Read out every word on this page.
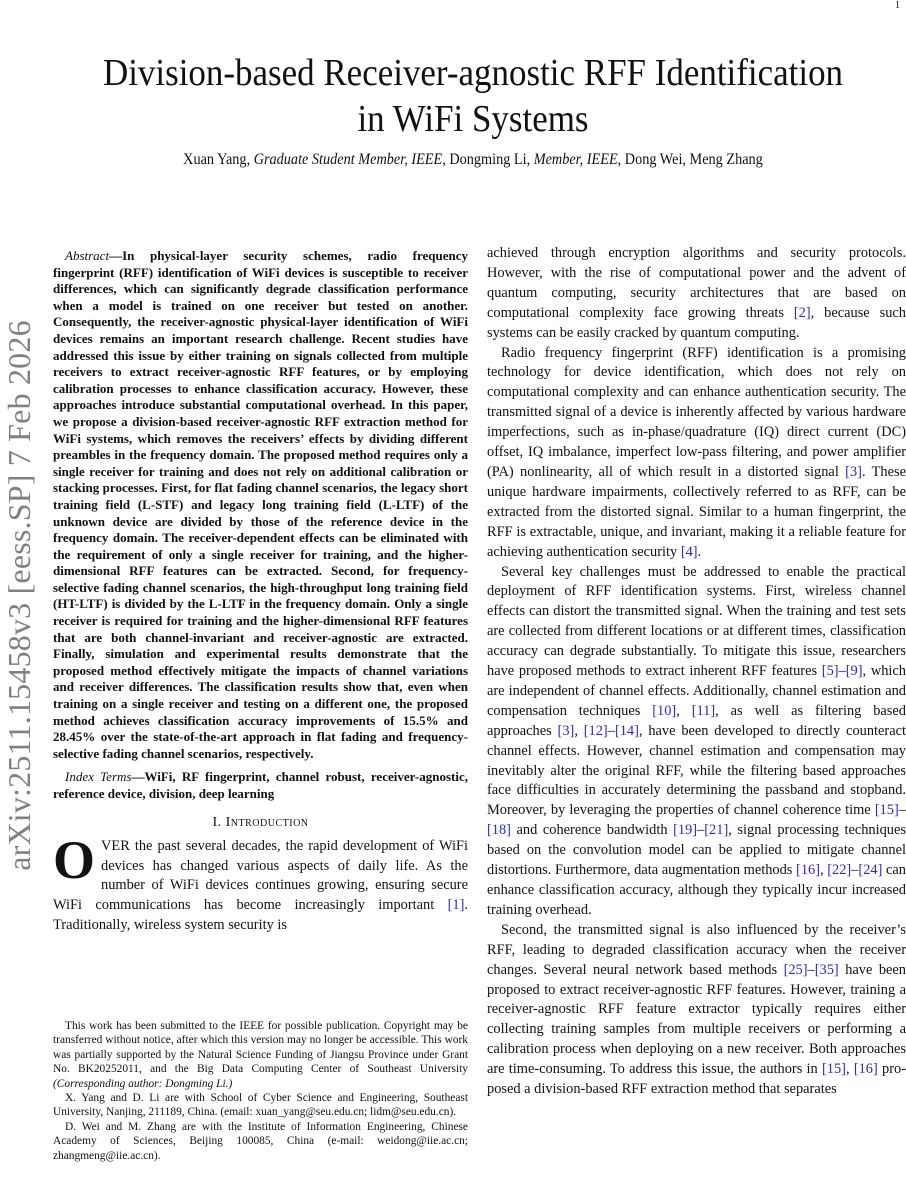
1
arXiv:2511.15458v3 [eess.SP] 7 Feb 2026
Division-based Receiver-agnostic RFF Identification
in WiFi Systems
Xuan Yang, Graduate Student Member, IEEE, Dongming Li, Member, IEEE, Dong Wei, Meng Zhang

Abstract—In physical-layer security schemes, radio frequency fingerprint (RFF) identification of WiFi devices is susceptible to receiver differences, which can significantly degrade classification performance when a model is trained on one receiver but tested on another. Consequently, the receiver-agnostic physical-layer identification of WiFi devices remains an important research challenge. Recent studies have addressed this issue by either training on signals collected from multiple receivers to extract receiver-agnostic RFF features, or by employing calibration processes to enhance classification accuracy. However, these approaches introduce substantial computational overhead. In this paper, we propose a division-based receiver-agnostic RFF extraction method for WiFi systems, which removes the receivers’ effects by dividing different preambles in the frequency domain. The proposed method requires only a single receiver for training and does not rely on additional calibration or stacking processes. First, for flat fading channel scenarios, the legacy short training field (L-STF) and legacy long training field (L-LTF) of the unknown device are divided by those of the reference device in the frequency domain. The receiver-dependent effects can be eliminated with the requirement of only a single receiver for training, and the higher-dimensional RFF features can be extracted. Second, for frequency-selective fading channel scenarios, the high-throughput long training field (HT-LTF) is divided by the L-LTF in the frequency domain. Only a single receiver is required for training and the higher-dimensional RFF features that are both channel-invariant and receiver-agnostic are extracted. Finally, simulation and experimental results demonstrate that the proposed method effectively mitigate the impacts of channel variations and receiver differences. The classification results show that, even when training on a single receiver and testing on a different one, the proposed method achieves classification accuracy improvements of 15.5% and 28.45% over the state-of-the-art approach in flat fading and frequency-selective fading channel scenarios, respectively.

Index Terms—WiFi, RF fingerprint, channel robust, receiver-agnostic, reference device, division, deep learning

I. Introduction

OVER the past several decades, the rapid development of WiFi devices has changed various aspects of daily life. As the number of WiFi devices continues growing, ensuring secure WiFi communications has become increasingly important [1]. Traditionally, wireless system security is

achieved through encryption algorithms and security protocols. However, with the rise of computational power and the advent of quantum computing, security architectures that are based on computational complexity face growing threats [2], because such systems can be easily cracked by quantum computing.

Radio frequency fingerprint (RFF) identification is a promising technology for device identification, which does not rely on computational complexity and can enhance authentication security. The transmitted signal of a device is inherently affected by various hardware imperfections, such as in-phase/quadrature (IQ) direct current (DC) offset, IQ imbalance, imperfect low-pass filtering, and power amplifier (PA) nonlinearity, all of which result in a distorted signal [3]. These unique hardware impairments, collectively referred to as RFF, can be extracted from the distorted signal. Similar to a human fingerprint, the RFF is extractable, unique, and invariant, making it a reliable feature for achieving authentication security [4].

Several key challenges must be addressed to enable the practical deployment of RFF identification systems. First, wireless channel effects can distort the transmitted signal. When the training and test sets are collected from different locations or at different times, classification accuracy can degrade substantially. To mitigate this issue, researchers have proposed methods to extract inherent RFF features [5]–[9], which are independent of channel effects. Additionally, channel estimation and compensation techniques [10], [11], as well as filtering based approaches [3], [12]–[14], have been developed to directly counteract channel effects. However, channel estimation and compensation may inevitably alter the original RFF, while the filtering based approaches face difficulties in accurately determining the passband and stopband. Moreover, by leveraging the properties of channel coherence time [15]–[18] and coherence bandwidth [19]–[21], signal processing techniques based on the convolution model can be applied to mitigate channel distortions. Furthermore, data augmentation methods [16], [22]–[24] can enhance classification accuracy, although they typically incur increased training overhead.

Second, the transmitted signal is also influenced by the receiver’s RFF, leading to degraded classification accuracy when the receiver changes. Several neural network based methods [25]–[35] have been proposed to extract receiver-agnostic RFF features. However, training a receiver-agnostic RFF feature extractor typically requires either collecting training samples from multiple receivers or performing a calibration process when deploying on a new receiver. Both approaches are time-consuming. To address this issue, the authors in [15], [16] proposed a division-based RFF extraction method that separates

This work has been submitted to the IEEE for possible publication. Copyright may be transferred without notice, after which this version may no longer be accessible. This work was partially supported by the Natural Science Funding of Jiangsu Province under Grant No. BK20252011, and the Big Data Computing Center of Southeast University (Corresponding author: Dongming Li.)

X. Yang and D. Li are with School of Cyber Science and Engineering, Southeast University, Nanjing, 211189, China. (email: xuan_yang@seu.edu.cn; lidm@seu.edu.cn).

D. Wei and M. Zhang are with the Institute of Information Engineering, Chinese Academy of Sciences, Beijing 100085, China (e-mail: weidong@iie.ac.cn; zhangmeng@iie.ac.cn).
